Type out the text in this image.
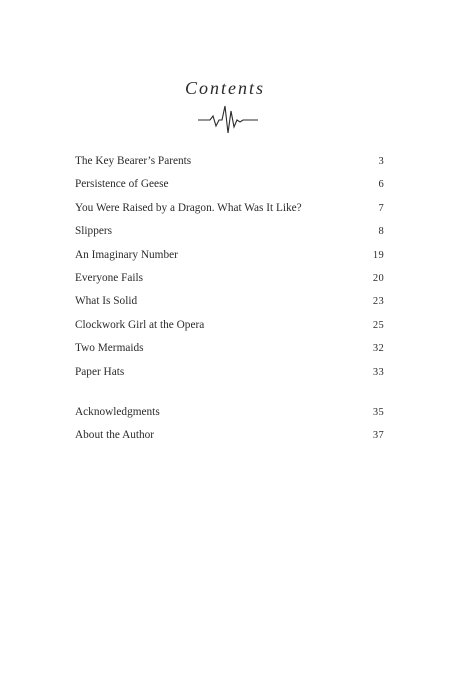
Contents
The Key Bearer’s Parents	3
Persistence of Geese	6
You Were Raised by a Dragon. What Was It Like?	7
Slippers	8
An Imaginary Number	19
Everyone Fails	20
What Is Solid	23
Clockwork Girl at the Opera	25
Two Mermaids	32
Paper Hats	33
Acknowledgments	35
About the Author	37
